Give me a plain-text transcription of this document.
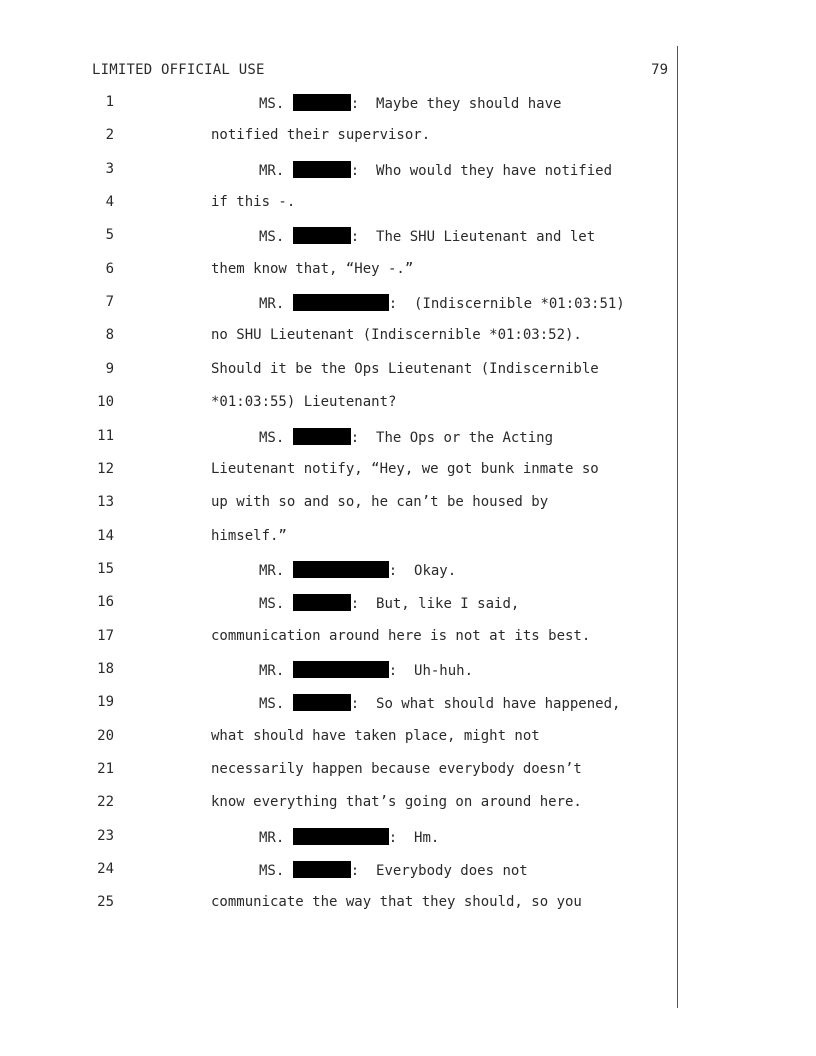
LIMITED OFFICIAL USE	79
1	MS.	:  Maybe they should have
2	notified their supervisor.
3	MR.	:  Who would they have notified
4	if this -.
5	MS.	:  The SHU Lieutenant and let
6	them know that, “Hey -.”
7	MR.	:  (Indiscernible *01:03:51)
8	no SHU Lieutenant (Indiscernible *01:03:52).
9	Should it be the Ops Lieutenant (Indiscernible
10	*01:03:55) Lieutenant?
11	MS.	:  The Ops or the Acting
12	Lieutenant notify, “Hey, we got bunk inmate so
13	up with so and so, he can’t be housed by
14	himself.”
15	MR.	:  Okay.
16	MS.	:  But, like I said,
17	communication around here is not at its best.
18	MR.	:  Uh-huh.
19	MS.	:  So what should have happened,
20	what should have taken place, might not
21	necessarily happen because everybody doesn’t
22	know everything that’s going on around here.
23	MR.	:  Hm.
24	MS.	:  Everybody does not
25	communicate the way that they should, so you
